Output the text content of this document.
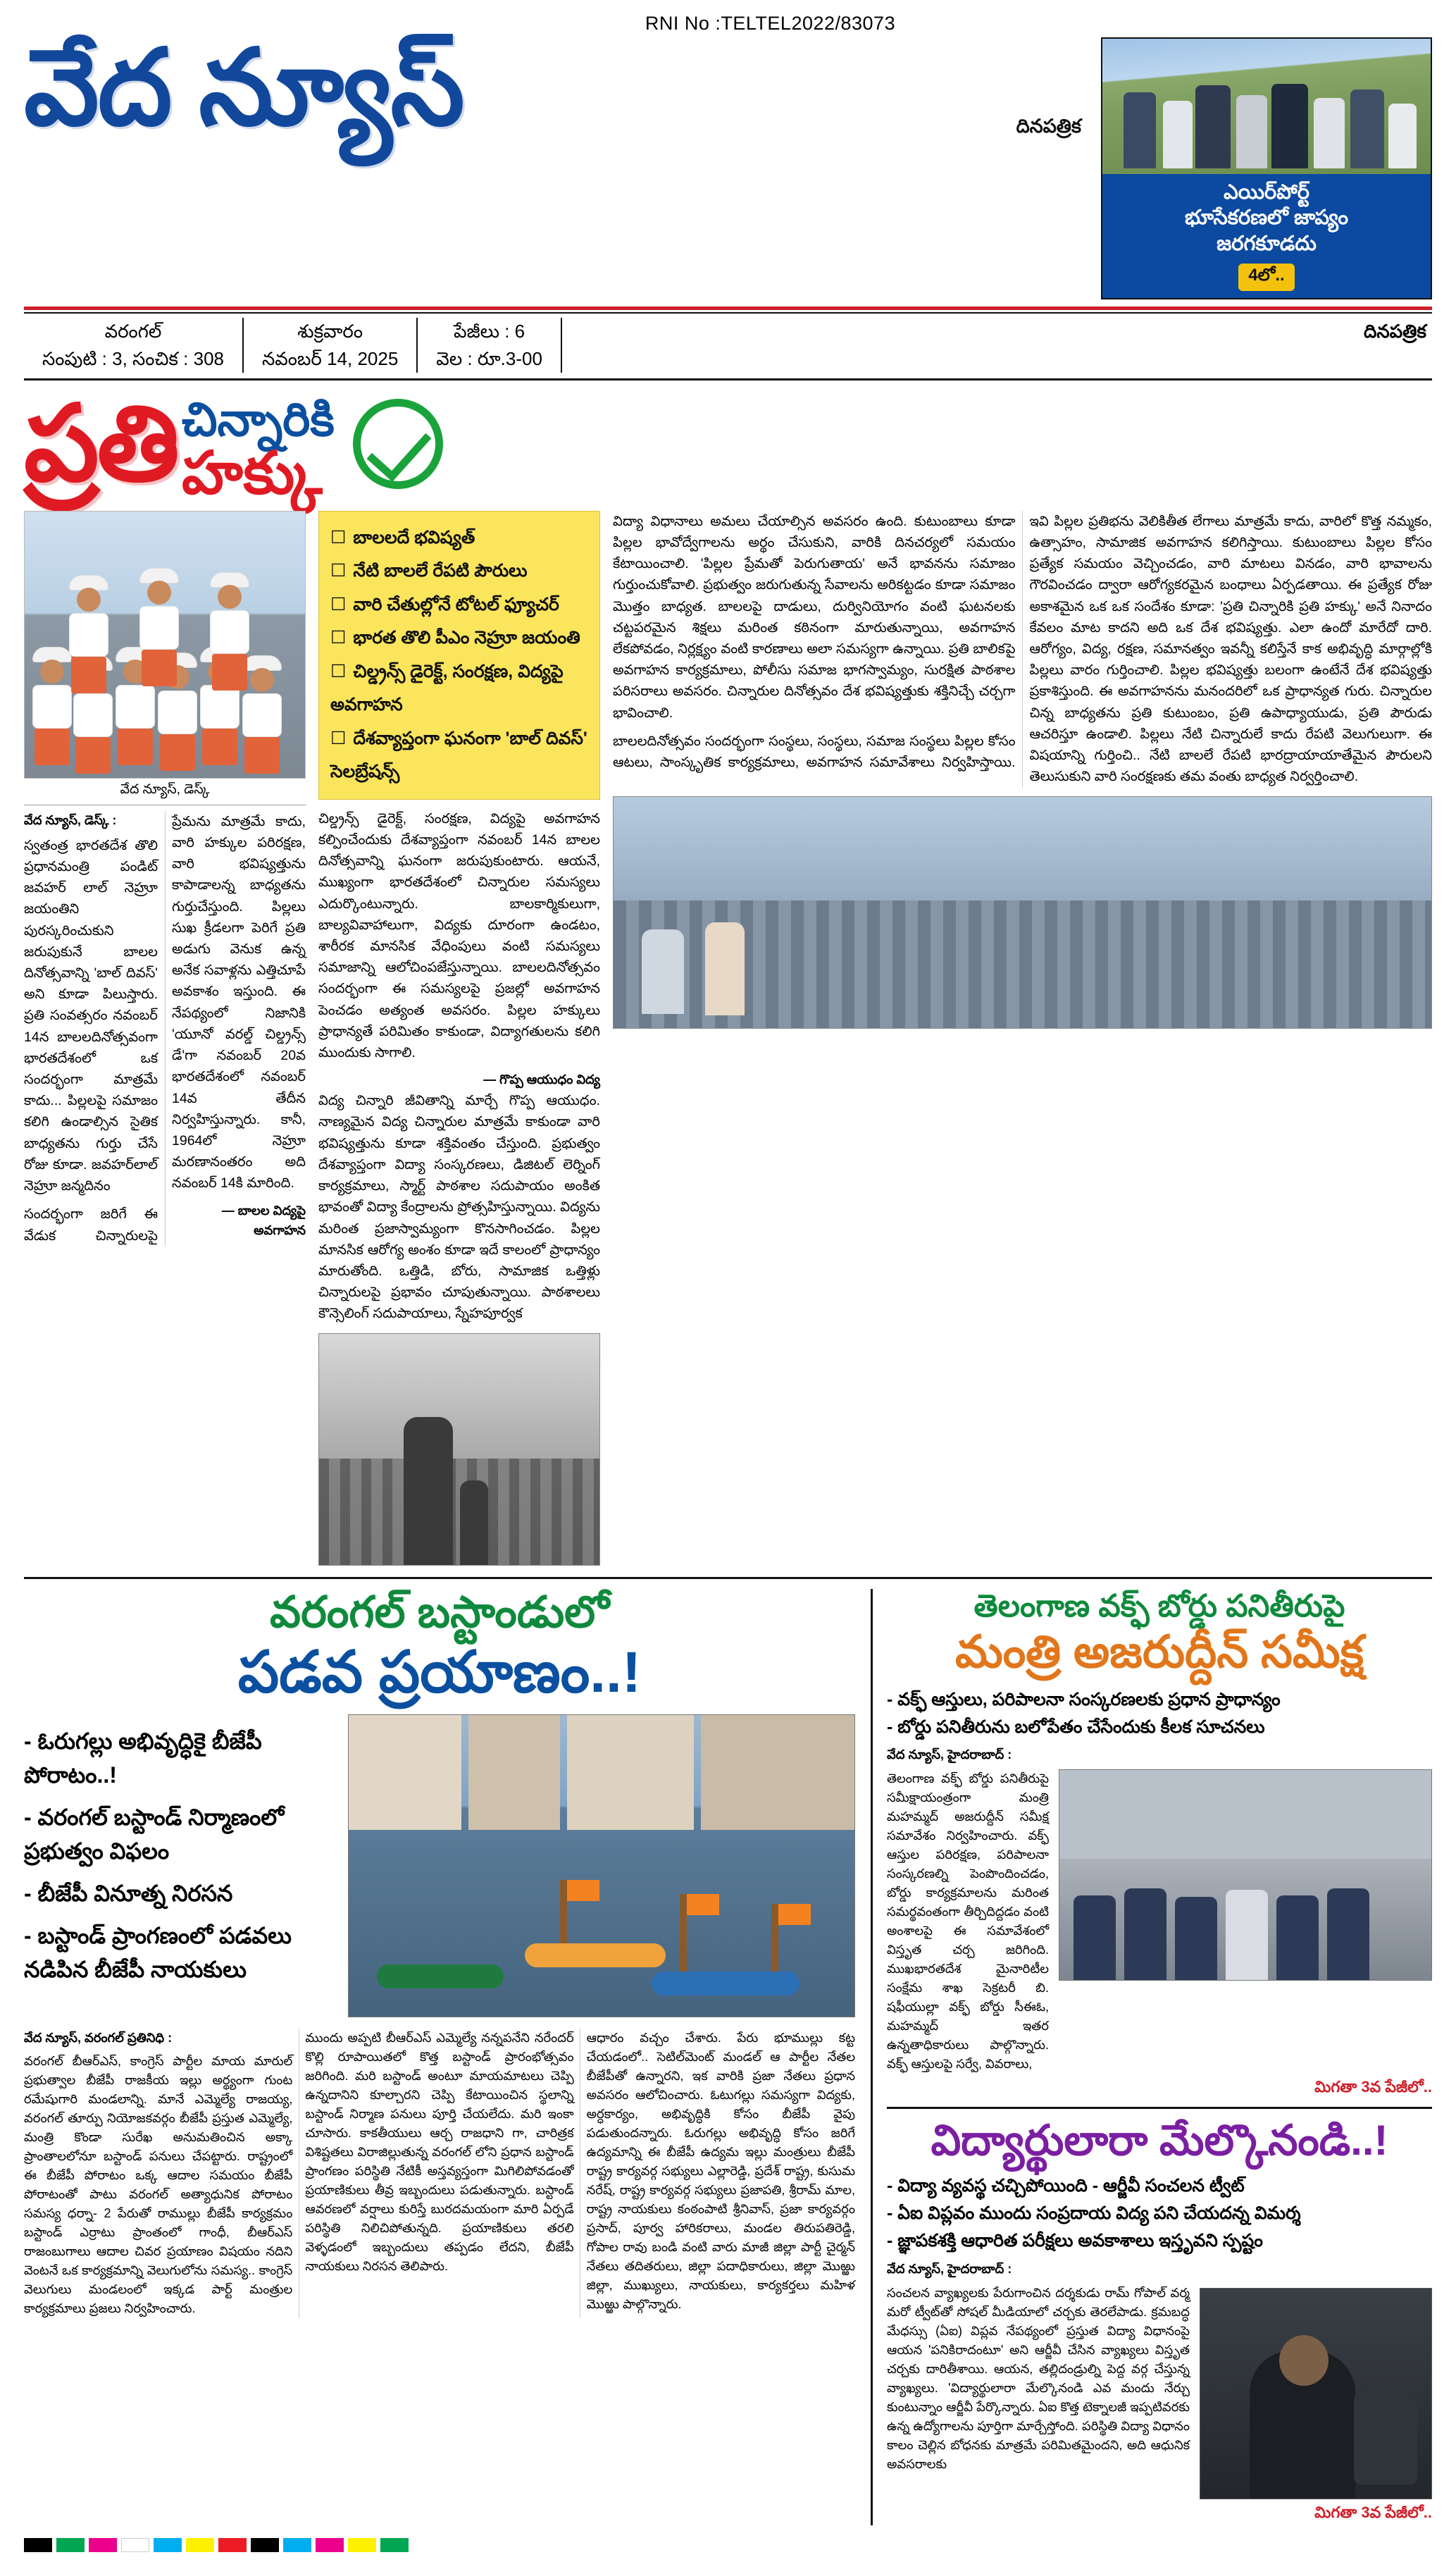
RNI No :TELTEL2022/83073
వేద న్యూస్	దినపత్రిక
ఎయిర్‌పోర్ట్
భూసేకరణలో జాప్యం
జరగకూడదు
4లో..
వరంగల్
సంపుటి : 3, సంచిక : 308
శుక్రవారం
నవంబర్ 14, 2025
పేజీలు : 6
వెల : రూ.3-00
దినపత్రిక
ప్రతి చిన్నారికి
హక్కు
వేద న్యూస్, డెస్క్
వేద న్యూస్, డెస్క్ :

స్వతంత్ర భారతదేశ తొలి ప్రధానమంత్రి పండిట్ జవహర్ లాల్ నెహ్రూ జయంతిని పురస్కరించుకుని జరుపుకునే బాలల దినోత్సవాన్ని 'బాల్ దివస్' అని కూడా పిలుస్తారు. ప్రతి సంవత్సరం నవంబర్ 14న బాలలదినోత్సవంగా భారతదేశంలో ఒక సందర్భంగా మాత్రమే కాదు... పిల్లలపై సమాజం కలిగి ఉండాల్సిన సైతిక బాధ్యతను గుర్తు చేసే రోజు కూడా. జవహర్‌లాల్ నెహ్రూ జన్మదినం

సందర్భంగా జరిగే ఈ వేడుక చిన్నారులపై ప్రేమను మాత్రమే కాదు, వారి హక్కుల పరిరక్షణ, వారి భవిష్యత్తును కాపాడాలన్న బాధ్యతను గుర్తుచేస్తుంది. పిల్లలు సుఖ క్రీడలగా పెరిగే ప్రతి అడుగు వెనుక ఉన్న అనేక సవాళ్లను ఎత్తిచూపే అవకాశం ఇస్తుంది. ఈ నేపథ్యంలో నిజానికి 'యూనో వరల్డ్ చిల్డ్రన్స్ డే'గా నవంబర్ 20వ భారతదేశంలో నవంబర్ 14వ తేదీన నిర్వహిస్తున్నారు. కానీ, 1964లో నెహ్రూ మరణానంతరం అది నవంబర్ 14కి మారింది.

— బాలల విద్యపై అవగాహన
☐ బాలలదే భవిష్యత్
☐ నేటి బాలలే రేపటి పౌరులు
☐ వారి చేతుల్లోనే టోటల్ ఫ్యూచర్
☐ భారత తొలి పీఎం నెహ్రూ జయంతి
☐ చిల్డ్రన్స్ డైరెక్ట్, సంరక్షణ, విద్యపై అవగాహన
☐ దేశవ్యాప్తంగా ఘనంగా 'బాల్ దివస్' సెలబ్రేషన్స్

చిల్డ్రన్స్ డైరెక్ట్, సంరక్షణ, విద్యపై అవగాహన కల్పించేందుకు దేశవ్యాప్తంగా నవంబర్ 14న బాలల దినోత్సవాన్ని ఘనంగా జరుపుకుంటారు. ఆయనే, ముఖ్యంగా భారతదేశంలో చిన్నారుల సమస్యలు ఎదుర్కొంటున్నారు. బాలకార్మికులుగా, బాల్యవివాహాలుగా, విద్యకు దూరంగా ఉండటం, శారీరక మానసిక వేధింపులు వంటి సమస్యలు సమాజాన్ని ఆలోచింపజేస్తున్నాయి. బాలలదినోత్సవం సందర్భంగా ఈ సమస్యలపై ప్రజల్లో అవగాహన పెంచడం అత్యంత అవసరం. పిల్లల హక్కులు ప్రాధాన్యతే పరిమితం కాకుండా, విద్యాగతులను కలిగి ముందుకు సాగాలి.

— గొప్ప ఆయుధం విద్య

విద్య చిన్నారి జీవితాన్ని మార్చే గొప్ప ఆయుధం. నాణ్యమైన విద్య చిన్నారుల మాత్రమే కాకుండా వారి భవిష్యత్తును కూడా శక్తివంతం చేస్తుంది. ప్రభుత్వం దేశవ్యాప్తంగా విద్యా సంస్కరణలు, డిజిటల్ లెర్నింగ్ కార్యక్రమాలు, స్మార్ట్ పాఠశాల సదుపాయం అంకిత భావంతో విద్యా కేంద్రాలను ప్రోత్సహిస్తున్నాయి. విద్యను మరింత ప్రజాస్వామ్యంగా కొనసాగించడం. పిల్లల మానసిక ఆరోగ్య అంశం కూడా ఇదే కాలంలో ప్రాధాన్యం మారుతోంది. ఒత్తిడి, బోరు, సామాజిక ఒత్తిళ్లు చిన్నారులపై ప్రభావం చూపుతున్నాయి. పాఠశాలలు కౌన్సెలింగ్ సదుపాయాలు, స్నేహపూర్వక

విద్యా విధానాలు అమలు చేయాల్సిన అవసరం ఉంది. కుటుంబాలు కూడా పిల్లల భావోద్వేగాలను అర్థం చేసుకుని, వారికి దినచర్యలో సమయం కేటాయించాలి. 'పిల్లల ప్రేమతో పెరుగుతాయ' అనే భావనను సమాజం గుర్తుంచుకోవాలి. ప్రభుత్వం జరుగుతున్న సేవాలను అరికట్టడం కూడా సమాజం మొత్తం బాధ్యత. బాలలపై దాడులు, దుర్వినియోగం వంటి ఘటనలకు చట్టపరమైన శిక్షలు మరింత కఠినంగా మారుతున్నాయి, అవగాహన లేకపోవడం, నిర్లక్ష్యం వంటి కారణాలు అలా సమస్యగా ఉన్నాయి. ప్రతి బాలికపై అవగాహన కార్యక్రమాలు, పోలీసు సమాజ భాగస్వామ్యం, సురక్షిత పాఠశాల పరిసరాలు అవసరం. చిన్నారుల దినోత్సవం దేశ భవిష్యత్తుకు శక్తినిచ్చే చర్చగా భావించాలి.

బాలలదినోత్సవం సందర్భంగా సంస్థలు, సంస్థలు, సమాజ సంస్థలు పిల్లల కోసం ఆటలు, సాంస్కృతిక కార్యక్రమాలు, అవగాహన సమావేశాలు నిర్వహిస్తాయి. ఇవి పిల్లల ప్రతిభను వెలికితీత లేగాలు మాత్రమే కాదు, వారిలో కొత్త నమ్మకం, ఉత్సాహం, సామాజిక అవగాహన కలిగిస్తాయి. కుటుంబాలు పిల్లల కోసం ప్రత్యేక సమయం వెచ్చించడం, వారి మాటలు వినడం, వారి భావాలను గౌరవించడం ద్వారా ఆరోగ్యకరమైన బంధాలు ఏర్పడతాయి. ఈ ప్రత్యేక రోజు అకాశమైన ఒక ఒక సందేశం కూడా: 'ప్రతి చిన్నారికి ప్రతి హక్కు' అనే నినాదం కేవలం మాట కాదని అది ఒక దేశ భవిష్యత్తు. ఎలా ఉందో మారేదో దారి. ఆరోగ్యం, విద్య, రక్షణ, సమానత్వం ఇవన్నీ కలిస్తేనే కాక అభివృద్ధి మార్గాల్లోకి పిల్లలు వారం గుర్తించాలి. పిల్లల భవిష్యత్తు బలంగా ఉంటేనే దేశ భవిష్యత్తు ప్రకాశిస్తుంది. ఈ అవగాహనను మనందరిలో ఒక ప్రాధాన్యత గురు. చిన్నారుల చిన్న బాధ్యతను ప్రతి కుటుంబం, ప్రతి ఉపాధ్యాయుడు, ప్రతి పౌరుడు ఆచరిస్తూ ఉండాలి. పిల్లలు నేటి చిన్నారులే కాదు రేపటి వెలుగులుగా. ఈ విషయాన్ని గుర్తించి.. నేటి బాలలే రేపటి భారద్రాయాయాతేమైన పౌరులని తెలుసుకుని వారి సంరక్షణకు తమ వంతు బాధ్యత నిర్వర్తించాలి.

వరంగల్ బస్టాండులో
పడవ ప్రయాణం..!
- ఓరుగల్లు అభివృద్ధికై బీజేపీ పోరాటం..!
- వరంగల్ బస్టాండ్ నిర్మాణంలో ప్రభుత్వం విఫలం
- బీజేపీ వినూత్న నిరసన
- బస్టాండ్ ప్రాంగణంలో పడవలు నడిపిన బీజేపీ నాయకులు
వేద న్యూస్, వరంగల్ ప్రతినిధి :

వరంగల్ బీఆర్ఎస్, కాంగ్రెస్ పార్టీల మాయ మారుల్ ప్రభుత్వాల బీజేపీ రాజకీయ ఇల్లు అర్థ్యంగా గుంట రమేషుగారి మండలాన్ని. మానే ఎమ్మెల్యే రాజయ్య, వరంగల్ తూర్పు నియోజకవర్గం బీజేపీ ప్రస్తుత ఎమ్మెల్యే, మంత్రి కొండా సురేఖ అనుమతించిన అక్కా ప్రాంతాలలోనూ బస్టాండ్ పనులు చేపట్టారు. రాష్ట్రంలో ఈ బీజేపీ పోరాటం ఒక్క ఆదాల సమయం బీజేపీ పోరాటంతో పాటు వరంగల్ అత్యాధునిక పోరాటం సమస్య ధర్నా- 2 పేరుతో రాముల్లు బీజేపీ కార్యక్రమం బస్టాండ్ ఎర్రాటు ప్రాంతంలో గాంధీ, బీఆర్ఎస్ రాజంబుగాలు ఆదాల చివర ప్రయాణం విషయం నదిని వెంటనే ఒక కార్యక్రమాన్ని వెలుగులోను సమస్య.. కాంగ్రెస్ వెలుగులు మండలంలో ఇక్కడ పార్ట్ మంత్రుల కార్యక్రమాలు ప్రజలు నిర్వహించారు.

ముందు అప్పటి బీఆర్ఎస్ ఎమ్మెల్యే నన్నపనేని నరేందర్ కొల్లి రూపాయితలో కొత్త బస్టాండ్ ప్రారంభోత్సవం జరిగింది. మరి బస్టాండ్ అంటూ మాయమాటలు చెప్పి ఉన్నదానిని కూల్చారని చెప్పి కేటాయించిన స్థలాన్ని బస్టాండ్ నిర్మాణ పనులు పూర్తి చేయలేదు. మరి ఇంకా చూసారు. కాకతీయులు ఆర్చ రాజధాని గా, చారిత్రక విశిష్టతలు విరాజిల్లుతున్న వరంగల్ లోని ప్రధాన బస్టాండ్ ప్రాంగణం పరిస్థితి నేటికీ అస్తవ్యస్తంగా మిగిలిపోవడంతో ప్రయాణికులు తీవ్ర ఇబ్బందులు పడుతున్నారు. బస్టాండ్ ఆవరణలో వర్షాలు కురిస్తే బురదమయంగా మారి ఏర్పడే పరిస్థితి నిలిచిపోతున్నది. ప్రయాణికులు తరలి వెళ్ళడంలో ఇబ్బందులు తప్పడం లేదని, బీజేపీ నాయకులు నిరసన తెలిపారు.

ఆధారం వచ్చం చేశారు. పేరు భూముల్లు కట్ట చేయడంలో.. సెటిల్‌మెంట్ మండల్ ఆ పార్టీల నేతల బీజేపీతో ఉన్నారని, ఇక వారికి ప్రజా నేతలు ప్రధాన అవసరం ఆలోచించారు. ఓటుగల్లు సమస్యగా విద్యకు, అర్ధకార్యం, అభివృద్ధికి కోసం బీజేపీ వైపు పడుతుందన్నారు. ఓరుగల్లు అభివృద్ధి కోసం జరిగే ఉద్యమాన్ని ఈ బీజేపీ ఉద్యమ ఇల్లు మంత్రులు బీజేపీ రాష్ట్ర కార్యవర్గ సభ్యులు ఎల్లారెడ్డి, ప్రదేశ్ రాష్ట్ర, కుసుమ నరేష్, రాష్ట్ర కార్యవర్గ సభ్యులు ప్రజాపతి, శ్రీరామ్ మాల, రాష్ట్ర నాయకులు కంఠంపాటి శ్రీనివాస్, ప్రజా కార్యవర్గం ప్రసాద్, పూర్వ హారికరాలు, మండల తిరుపతిరెడ్డి, గోపాల రావు బండి వంటి వారు మాజీ జిల్లా పార్టీ చైర్మన్ నేతలు తదితరులు, జిల్లా పదాధికారులు, జిల్లా మొఱ్ఱు జిల్లా, ముఖ్యులు, నాయకులు, కార్యకర్తలు మహిళ మొఱ్ఱు పాల్గొన్నారు.

తెలంగాణ వక్ఫ్ బోర్డు పనితీరుపై
మంత్రి అజరుద్దీన్ సమీక్ష
- వక్ఫ్ ఆస్తులు, పరిపాలనా సంస్కరణలకు ప్రధాన ప్రాధాన్యం
- బోర్డు పనితీరును బలోపేతం చేసేందుకు కీలక సూచనలు
వేద న్యూస్, హైదరాబాద్ :
తెలంగాణ వక్ఫ్ బోర్డు పనితీరుపై సమీక్షాయంత్రంగా మంత్రి మహమ్మద్ అజరుద్దీన్ సమీక్ష సమావేశం నిర్వహించారు. వక్ఫ్ ఆస్తుల పరిరక్షణ, పరిపాలనా సంస్కరణల్ని పెంపొందించడం, బోర్డు కార్యక్రమాలను మరింత సమర్థవంతంగా తీర్చిదిద్దడం వంటి అంశాలపై ఈ సమావేశంలో విస్తృత చర్చ జరిగింది. ముఖభారతదేశ మైనారిటీల సంక్షేమ శాఖ సెక్రటరీ బి. షఫీయుల్లా వక్ఫ్ బోర్డు సీఈఓ, మహమ్మద్ ఇతర ఉన్నతాధికారులు పాల్గొన్నారు. వక్ఫ్ ఆస్తులపై సర్వే, వివరాలు,
మిగతా 3వ పేజీలో..
విద్యార్థులారా మేల్కొనండి..!
- విద్యా వ్యవస్థ చచ్చిపోయింది - ఆర్జీవీ సంచలన ట్వీట్
- ఏఐ విప్లవం ముందు సంప్రదాయ విద్య పని చేయదన్న విమర్శ
- జ్ఞాపకశక్తి ఆధారిత పరీక్షలు అవకాశాలు ఇస్తృవని స్పష్టం
వేద న్యూస్, హైదరాబాద్ :
సంచలన వ్యాఖ్యలకు పేరుగాంచిన దర్శకుడు రామ్ గోపాల్ వర్మ మరో ట్వీట్‌తో సోషల్ మీడియాలో చర్చకు తెరలేపాడు. క్రమబద్ధ మేధస్సు (ఏఐ) విప్లవ నేపథ్యంలో ప్రస్తుత విద్యా విధానంపై ఆయన 'పనికిరాదంటూ' అని ఆర్జీవీ చేసిన వ్యాఖ్యలు విస్తృత చర్చకు దారితీశాయి. ఆయన, తల్లిదండ్రుల్ని పెద్ద వర్గ చేస్తున్న వ్యాఖ్యలు. 'విద్యార్థులారా మేల్కొనండి ఎవ మందు నేర్చు కుంటున్నాం ఆర్జీవీ పేర్కొన్నారు. ఏఐ కొత్త టెక్నాలజీ ఇప్పటివరకు ఉన్న ఉద్యోగాలను పూర్తిగా మార్చేస్తోంది. పరిస్థితి విద్యా విధానం కాలం చెల్లిన బోధనకు మాత్రమే పరిమితమైందని, అది ఆధునిక అవసరాలకు
మిగతా 3వ పేజీలో..
